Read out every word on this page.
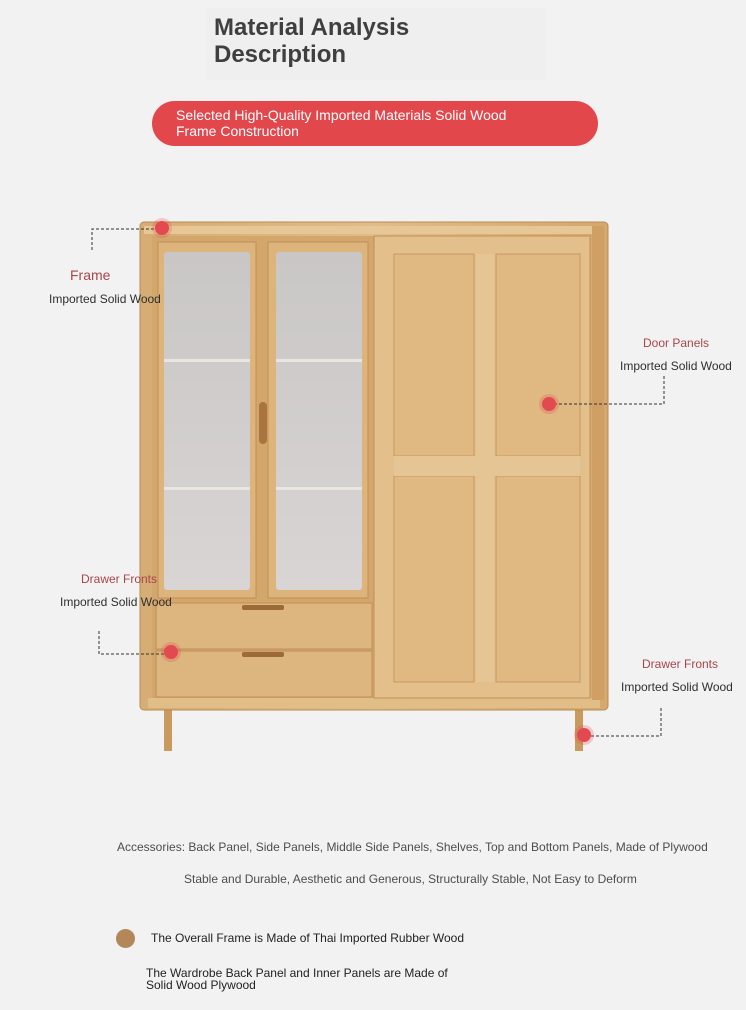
Material Analysis
Description
Selected High-Quality Imported Materials Solid Wood
Frame Construction
Frame
Imported Solid Wood
Door Panels
Imported Solid Wood
Drawer Fronts
Imported Solid Wood
Drawer Fronts
Imported Solid Wood
Accessories: Back Panel, Side Panels, Middle Side Panels, Shelves, Top and Bottom Panels, Made of Plywood
Stable and Durable, Aesthetic and Generous, Structurally Stable, Not Easy to Deform
The Overall Frame is Made of Thai Imported Rubber Wood
The Wardrobe Back Panel and Inner Panels are Made of
Solid Wood Plywood
